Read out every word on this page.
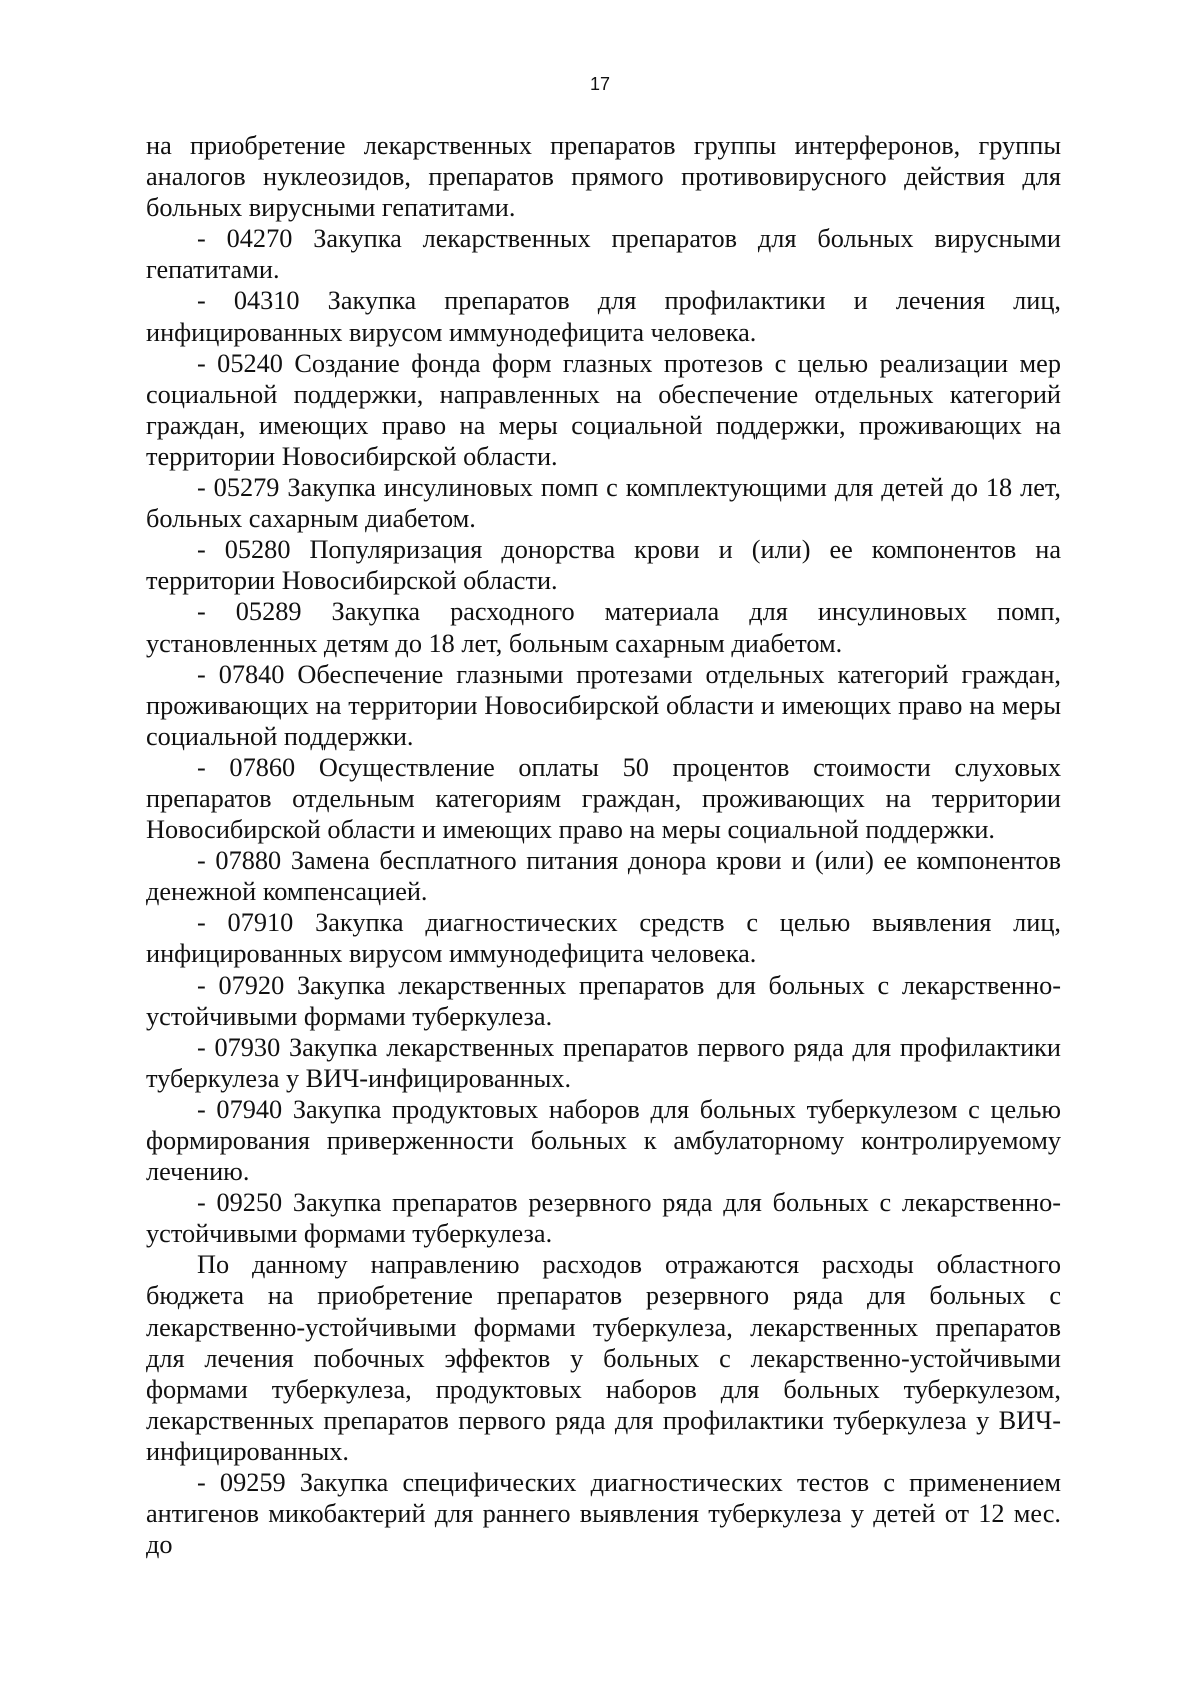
17

на приобретение лекарственных препаратов группы интерферонов, группы аналогов нуклеозидов, препаратов прямого противовирусного действия для больных вирусными гепатитами.

- 04270 Закупка лекарственных препаратов для больных вирусными гепатитами.

- 04310 Закупка препаратов для профилактики и лечения лиц, инфицированных вирусом иммунодефицита человека.

- 05240 Создание фонда форм глазных протезов с целью реализации мер социальной поддержки, направленных на обеспечение отдельных категорий граждан, имеющих право на меры социальной поддержки, проживающих на территории Новосибирской области.

- 05279 Закупка инсулиновых помп с комплектующими для детей до 18 лет, больных сахарным диабетом.

- 05280 Популяризация донорства крови и (или) ее компонентов на территории Новосибирской области.

- 05289 Закупка расходного материала для инсулиновых помп, установленных детям до 18 лет, больным сахарным диабетом.

- 07840 Обеспечение глазными протезами отдельных категорий граждан, проживающих на территории Новосибирской области и имеющих право на меры социальной поддержки.

- 07860 Осуществление оплаты 50 процентов стоимости слуховых препаратов отдельным категориям граждан, проживающих на территории Новосибирской области и имеющих право на меры социальной поддержки.

- 07880 Замена бесплатного питания донора крови и (или) ее компонентов денежной компенсацией.

- 07910 Закупка диагностических средств с целью выявления лиц, инфицированных вирусом иммунодефицита человека.

- 07920 Закупка лекарственных препаратов для больных с лекарственно-устойчивыми формами туберкулеза.

- 07930 Закупка лекарственных препаратов первого ряда для профилактики туберкулеза у ВИЧ-инфицированных.

- 07940 Закупка продуктовых наборов для больных туберкулезом с целью формирования приверженности больных к амбулаторному контролируемому лечению.

- 09250 Закупка препаратов резервного ряда для больных с лекарственно-устойчивыми формами туберкулеза.

По данному направлению расходов отражаются расходы областного бюджета на приобретение препаратов резервного ряда для больных с лекарственно-устойчивыми формами туберкулеза, лекарственных препаратов для лечения побочных эффектов у больных с лекарственно-устойчивыми формами туберкулеза, продуктовых наборов для больных туберкулезом, лекарственных препаратов первого ряда для профилактики туберкулеза у ВИЧ-инфицированных.

- 09259 Закупка специфических диагностических тестов с применением антигенов микобактерий для раннего выявления туберкулеза у детей от 12 мес. до
